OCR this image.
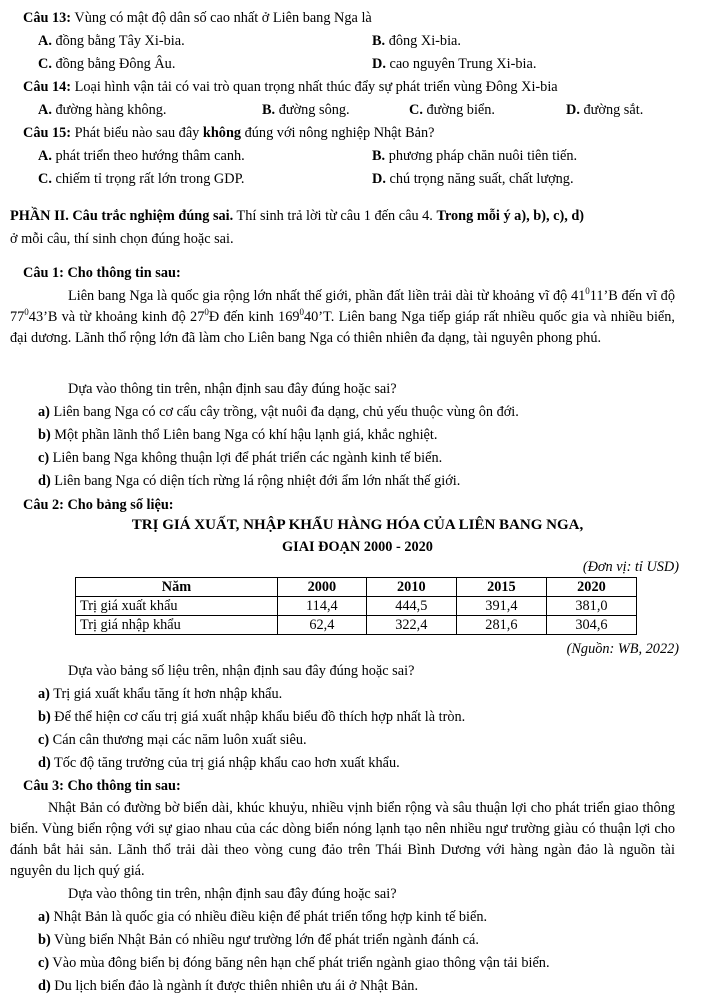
Câu 13: Vùng có mật độ dân số cao nhất ở Liên bang Nga là
A. đồng bằng Tây Xi-bia.	B. đông Xi-bia.
C. đồng bằng Đông Âu.	D. cao nguyên Trung Xi-bia.
Câu 14: Loại hình vận tải có vai trò quan trọng nhất thúc đẩy sự phát triển vùng Đông Xi-bia
A. đường hàng không.	B. đường sông.	C. đường biển.	D. đường sắt.
Câu 15: Phát biểu nào sau đây không đúng với nông nghiệp Nhật Bản?
A. phát triển theo hướng thâm canh.	B. phương pháp chăn nuôi tiên tiến.
C. chiếm tỉ trọng rất lớn trong GDP.	D. chú trọng năng suất, chất lượng.
PHẦN II. Câu trắc nghiệm đúng sai. Thí sinh trả lời từ câu 1 đến câu 4. Trong mỗi ý a), b), c), d)
ở mỗi câu, thí sinh chọn đúng hoặc sai.
Câu 1: Cho thông tin sau:
Liên bang Nga là quốc gia rộng lớn nhất thế giới, phần đất liền trải dài từ khoảng vĩ độ $41^011’B$ đến vĩ độ $77^043’B$ và từ khoảng kinh độ $27^0Đ$ đến kinh $169^040’T$. Liên bang Nga tiếp giáp rất nhiều quốc gia và nhiều biển, đại dương. Lãnh thổ rộng lớn đã làm cho Liên bang Nga có thiên nhiên đa dạng, tài nguyên phong phú.
Dựa vào thông tin trên, nhận định sau đây đúng hoặc sai?
a) Liên bang Nga có cơ cấu cây trồng, vật nuôi đa dạng, chủ yếu thuộc vùng ôn đới.
b) Một phần lãnh thổ Liên bang Nga có khí hậu lạnh giá, khắc nghiệt.
c) Liên bang Nga không thuận lợi để phát triển các ngành kinh tế biển.
d) Liên bang Nga có diện tích rừng lá rộng nhiệt đới ẩm lớn nhất thế giới.
Câu 2: Cho bảng số liệu:
TRỊ GIÁ XUẤT, NHẬP KHẨU HÀNG HÓA CỦA LIÊN BANG NGA,
GIAI ĐOẠN 2000 - 2020
(Đơn vị: tỉ USD)
Năm	2000	2010	2015	2020
Trị giá xuất khẩu	114,4	444,5	391,4	381,0
Trị giá nhập khẩu	62,4	322,4	281,6	304,6
(Nguồn: WB, 2022)
Dựa vào bảng số liệu trên, nhận định sau đây đúng hoặc sai?
a) Trị giá xuất khẩu tăng ít hơn nhập khẩu.
b) Để thể hiện cơ cấu trị giá xuất nhập khẩu biểu đồ thích hợp nhất là tròn.
c) Cán cân thương mại các năm luôn xuất siêu.
d) Tốc độ tăng trưởng của trị giá nhập khẩu cao hơn xuất khẩu.
Câu 3: Cho thông tin sau:
Nhật Bản có đường bờ biển dài, khúc khuỷu, nhiều vịnh biển rộng và sâu thuận lợi cho phát triển giao thông biển. Vùng biển rộng với sự giao nhau của các dòng biển nóng lạnh tạo nên nhiều ngư trường giàu có thuận lợi cho đánh bắt hải sản. Lãnh thổ trải dài theo vòng cung đảo trên Thái Bình Dương với hàng ngàn đảo là nguồn tài nguyên du lịch quý giá.
Dựa vào thông tin trên, nhận định sau đây đúng hoặc sai?
a) Nhật Bản là quốc gia có nhiều điều kiện để phát triển tổng hợp kinh tế biển.
b) Vùng biển Nhật Bản có nhiều ngư trường lớn để phát triển ngành đánh cá.
c) Vào mùa đông biển bị đóng băng nên hạn chế phát triển ngành giao thông vận tải biển.
d) Du lịch biển đảo là ngành ít được thiên nhiên ưu ái ở Nhật Bản.
